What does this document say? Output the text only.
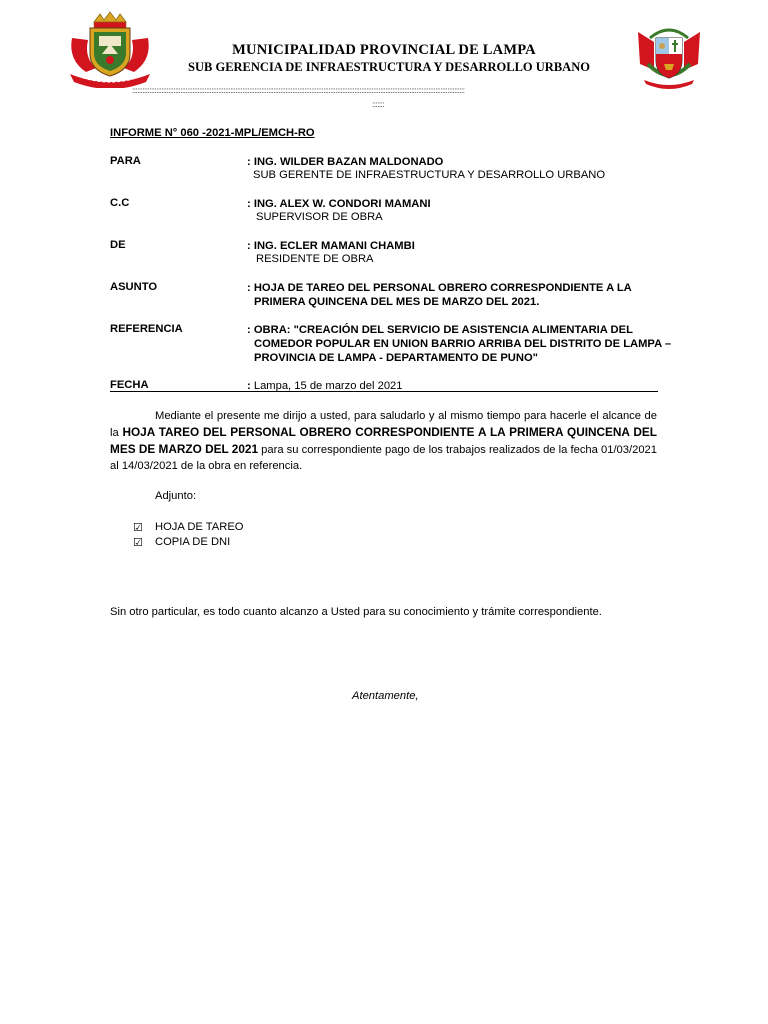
MUNICIPALIDAD PROVINCIAL DE LAMPA
SUB GERENCIA DE INFRAESTRUCTURA Y DESARROLLO URBANO
:::::::::::::::::::::::::::::::::::::::::::::::::::::::::::::::::::::::::::::::::::::::::::::::::::::::::::::::::::::::::::::::::::::::::::::::::::::::::::::::::::::::::::::::::::::::::::::::::
:::::::
INFORME N° 060 -2021-MPL/EMCH-RO
PARA	: ING. WILDER BAZAN MALDONADO
SUB GERENTE DE INFRAESTRUCTURA Y DESARROLLO URBANO
C.C	: ING. ALEX W. CONDORI MAMANI
SUPERVISOR DE OBRA
DE	: ING. ECLER MAMANI CHAMBI
RESIDENTE DE OBRA
ASUNTO	: HOJA DE TAREO DEL PERSONAL OBRERO CORRESPONDIENTE A LA
PRIMERA QUINCENA DEL MES DE MARZO DEL 2021.
REFERENCIA	: OBRA: "CREACIÓN DEL SERVICIO DE ASISTENCIA ALIMENTARIA DEL
COMEDOR POPULAR EN UNION BARRIO ARRIBA DEL DISTRITO DE LAMPA –
PROVINCIA DE LAMPA - DEPARTAMENTO DE PUNO"
FECHA	: Lampa, 15 de marzo del 2021
Mediante el presente me dirijo a usted, para saludarlo y al mismo tiempo para hacerle el alcance de la HOJA TAREO DEL PERSONAL OBRERO CORRESPONDIENTE A LA PRIMERA QUINCENA DEL MES DE MARZO DEL 2021 para su correspondiente pago de los trabajos realizados de la fecha 01/03/2021 al 14/03/2021 de la obra en referencia.
Adjunto:
☑ HOJA DE TAREO
☑ COPIA DE DNI
Sin otro particular, es todo cuanto alcanzo a Usted para su conocimiento y trámite correspondiente.
Atentamente,
